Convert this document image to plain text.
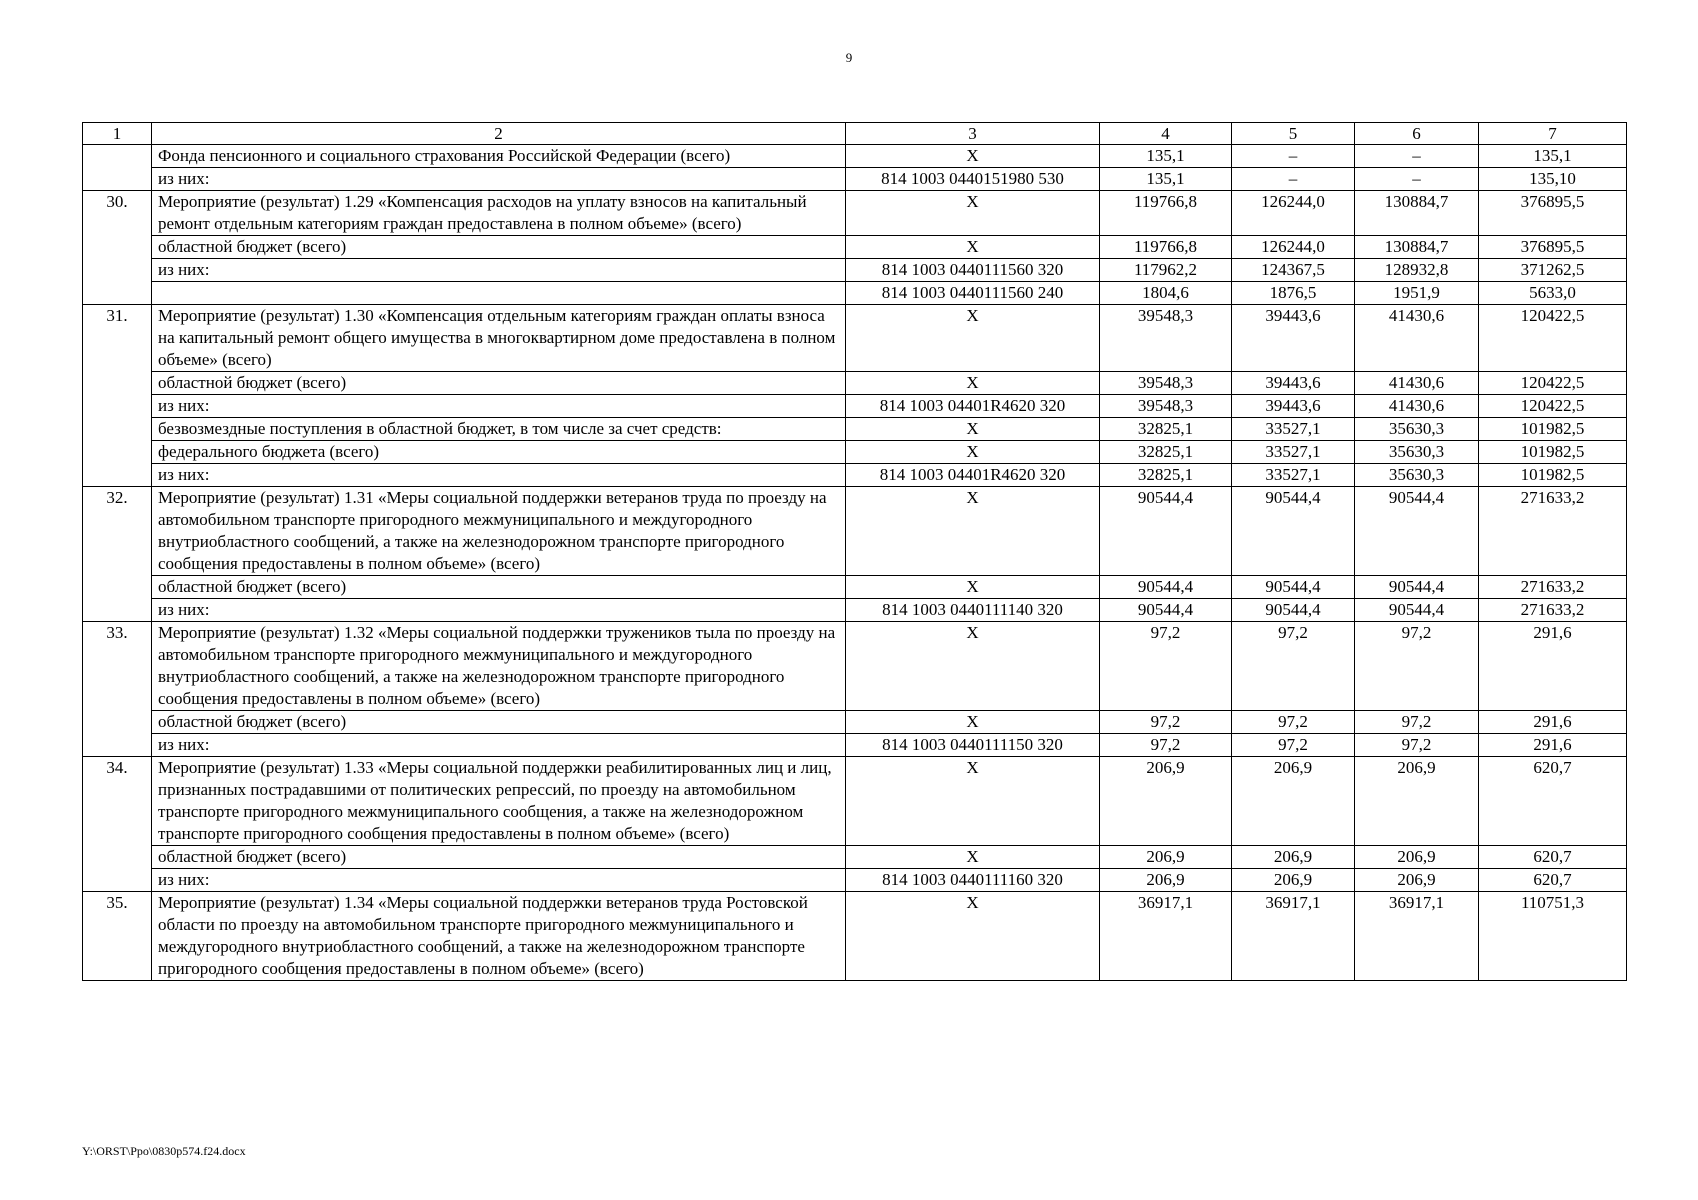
9
1	2	3	4	5	6	7
	Фонда пенсионного и социального страхования Российской Федерации (всего)	X	135,1	–	–	135,1
	из них:	814 1003 0440151980 530	135,1	–	–	135,10
30.	Мероприятие (результат) 1.29 «Компенсация расходов на уплату взносов на капитальный ремонт отдельным категориям граждан предоставлена в полном объеме» (всего)	X	119766,8	126244,0	130884,7	376895,5
	областной бюджет (всего)	X	119766,8	126244,0	130884,7	376895,5
	из них:	814 1003 0440111560 320	117962,2	124367,5	128932,8	371262,5
		814 1003 0440111560 240	1804,6	1876,5	1951,9	5633,0
31.	Мероприятие (результат) 1.30 «Компенсация отдельным категориям граждан оплаты взноса на капитальный ремонт общего имущества в многоквартирном доме предоставлена в полном объеме» (всего)	X	39548,3	39443,6	41430,6	120422,5
	областной бюджет (всего)	X	39548,3	39443,6	41430,6	120422,5
	из них:	814 1003 04401R4620 320	39548,3	39443,6	41430,6	120422,5
	безвозмездные поступления в областной бюджет, в том числе за счет средств:	X	32825,1	33527,1	35630,3	101982,5
	федерального бюджета (всего)	X	32825,1	33527,1	35630,3	101982,5
	из них:	814 1003 04401R4620 320	32825,1	33527,1	35630,3	101982,5
32.	Мероприятие (результат) 1.31 «Меры социальной поддержки ветеранов труда по проезду на автомобильном транспорте пригородного межмуниципального и междугородного внутриобластного сообщений, а также на железнодорожном транспорте пригородного сообщения предоставлены в полном объеме» (всего)	X	90544,4	90544,4	90544,4	271633,2
	областной бюджет (всего)	X	90544,4	90544,4	90544,4	271633,2
	из них:	814 1003 0440111140 320	90544,4	90544,4	90544,4	271633,2
33.	Мероприятие (результат) 1.32 «Меры социальной поддержки тружеников тыла по проезду на автомобильном транспорте пригородного межмуниципального и междугородного внутриобластного сообщений, а также на железнодорожном транспорте пригородного сообщения предоставлены в полном объеме» (всего)	X	97,2	97,2	97,2	291,6
	областной бюджет (всего)	X	97,2	97,2	97,2	291,6
	из них:	814 1003 0440111150 320	97,2	97,2	97,2	291,6
34.	Мероприятие (результат) 1.33 «Меры социальной поддержки реабилитированных лиц и лиц, признанных пострадавшими от политических репрессий, по проезду на автомобильном транспорте пригородного межмуниципального сообщения, а также на железнодорожном транспорте пригородного сообщения предоставлены в полном объеме» (всего)	X	206,9	206,9	206,9	620,7
	областной бюджет (всего)	X	206,9	206,9	206,9	620,7
	из них:	814 1003 0440111160 320	206,9	206,9	206,9	620,7
35.	Мероприятие (результат) 1.34 «Меры социальной поддержки ветеранов труда Ростовской области по проезду на автомобильном транспорте пригородного межмуниципального и междугородного внутриобластного сообщений, а также на железнодорожном транспорте пригородного сообщения предоставлены в полном объеме» (всего)	X	36917,1	36917,1	36917,1	110751,3
Y:\ORST\Ppo\0830p574.f24.docx
